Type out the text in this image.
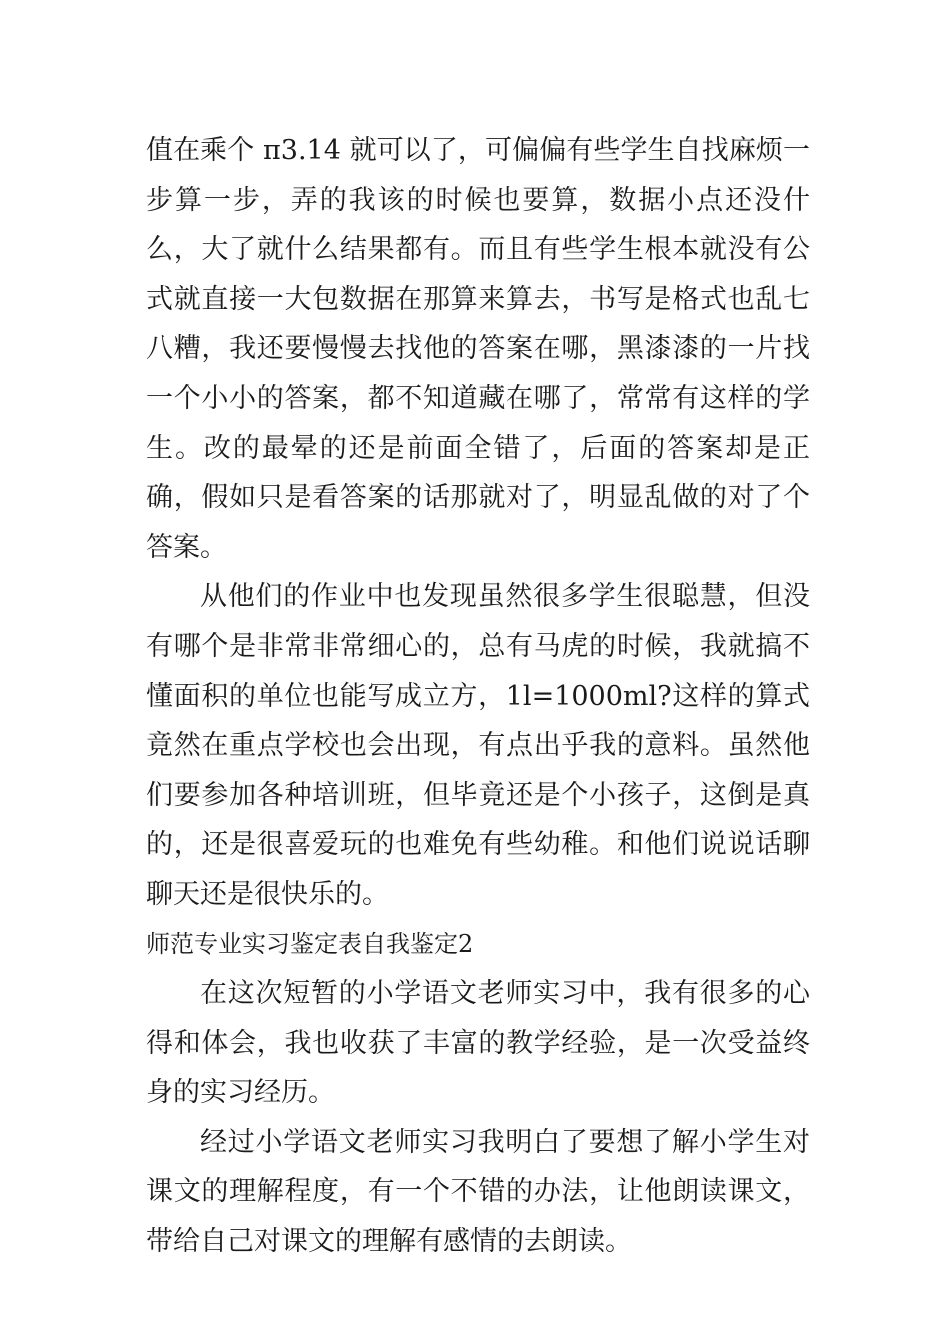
值在乘个 π3.14 就可以了，可偏偏有些学生自找麻烦一步算一步，弄的我该的时候也要算，数据小点还没什么，大了就什么结果都有。而且有些学生根本就没有公式就直接一大包数据在那算来算去，书写是格式也乱七八糟，我还要慢慢去找他的答案在哪，黑漆漆的一片找一个小小的答案，都不知道藏在哪了，常常有这样的学生。改的最晕的还是前面全错了，后面的答案却是正确，假如只是看答案的话那就对了，明显乱做的对了个答案。

从他们的作业中也发现虽然很多学生很聪慧，但没有哪个是非常非常细心的，总有马虎的时候，我就搞不懂面积的单位也能写成立方，1l=1000ml?这样的算式竟然在重点学校也会出现，有点出乎我的意料。虽然他们要参加各种培训班，但毕竟还是个小孩子，这倒是真的，还是很喜爱玩的也难免有些幼稚。和他们说说话聊聊天还是很快乐的。

师范专业实习鉴定表自我鉴定2

在这次短暂的小学语文老师实习中，我有很多的心得和体会，我也收获了丰富的教学经验，是一次受益终身的实习经历。

经过小学语文老师实习我明白了要想了解小学生对课文的理解程度，有一个不错的办法，让他朗读课文，带给自己对课文的理解有感情的去朗读。
